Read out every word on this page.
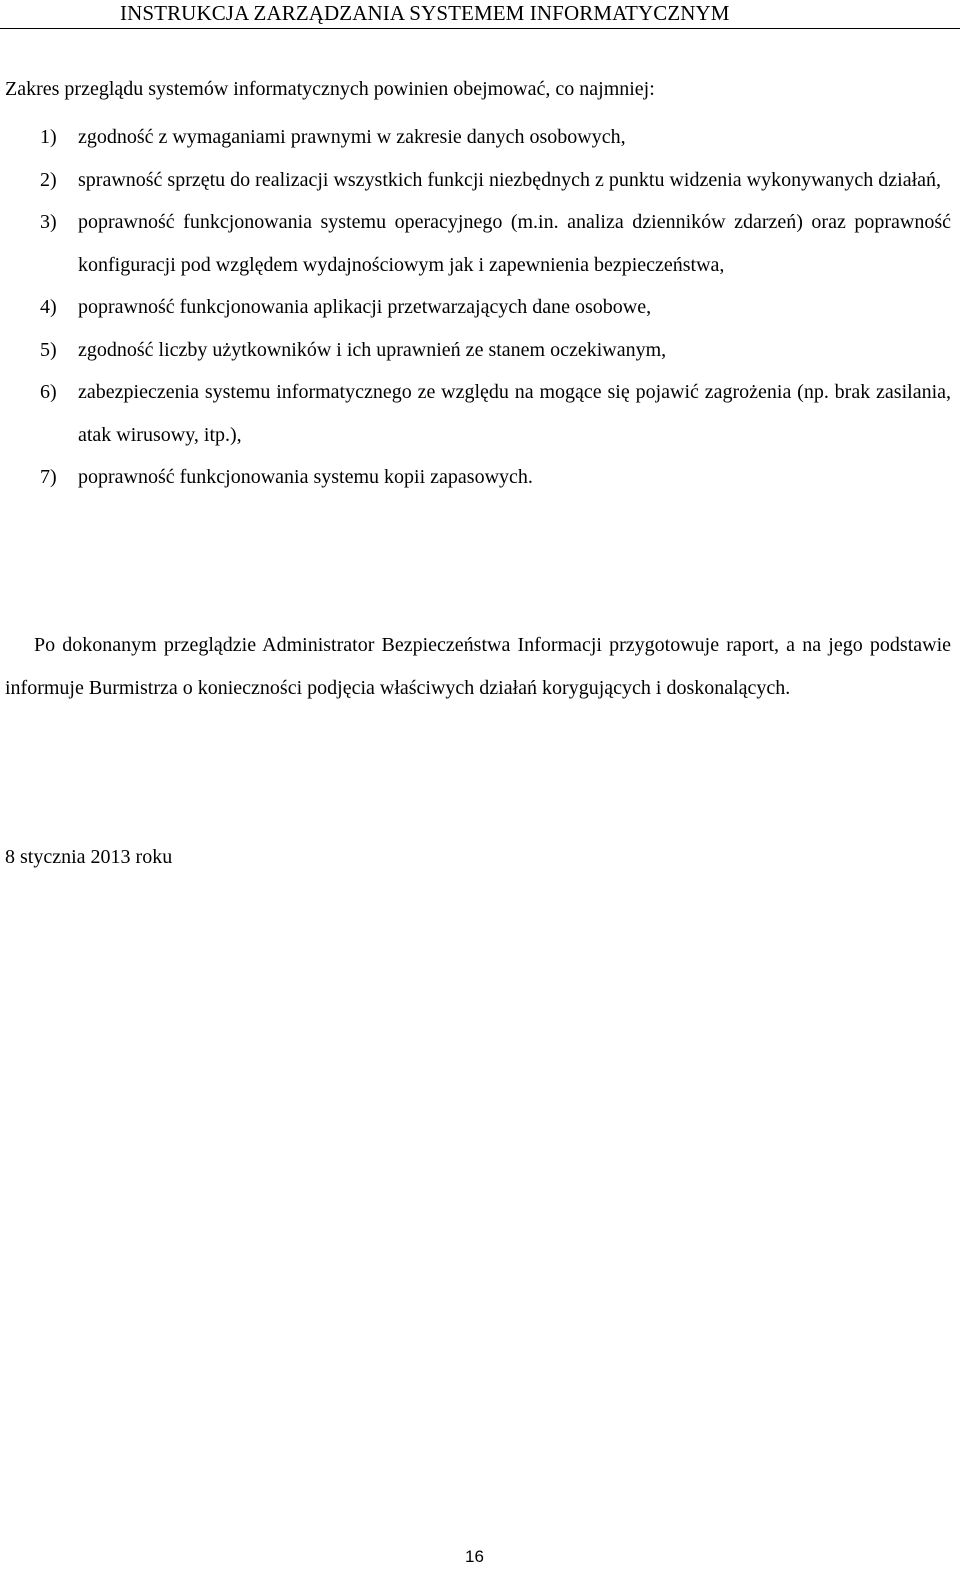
INSTRUKCJA ZARZĄDZANIA SYSTEMEM INFORMATYCZNYM
Zakres przeglądu systemów informatycznych powinien obejmować, co najmniej:
1) zgodność z wymaganiami prawnymi w zakresie danych osobowych,
2) sprawność sprzętu do realizacji wszystkich funkcji niezbędnych z punktu widzenia wykonywanych działań,
3) poprawność funkcjonowania systemu operacyjnego (m.in. analiza dzienników zdarzeń) oraz poprawność konfiguracji pod względem wydajnościowym jak i zapewnienia bezpieczeństwa,
4) poprawność funkcjonowania aplikacji przetwarzających dane osobowe,
5) zgodność liczby użytkowników i ich uprawnień ze stanem oczekiwanym,
6) zabezpieczenia systemu informatycznego ze względu na mogące się pojawić zagrożenia (np. brak zasilania, atak wirusowy, itp.),
7) poprawność funkcjonowania systemu kopii zapasowych.

Po dokonanym przeglądzie Administrator Bezpieczeństwa Informacji przygotowuje raport, a na jego podstawie informuje Burmistrza o konieczności podjęcia właściwych działań korygujących i doskonalących.

8 stycznia 2013 roku
16
